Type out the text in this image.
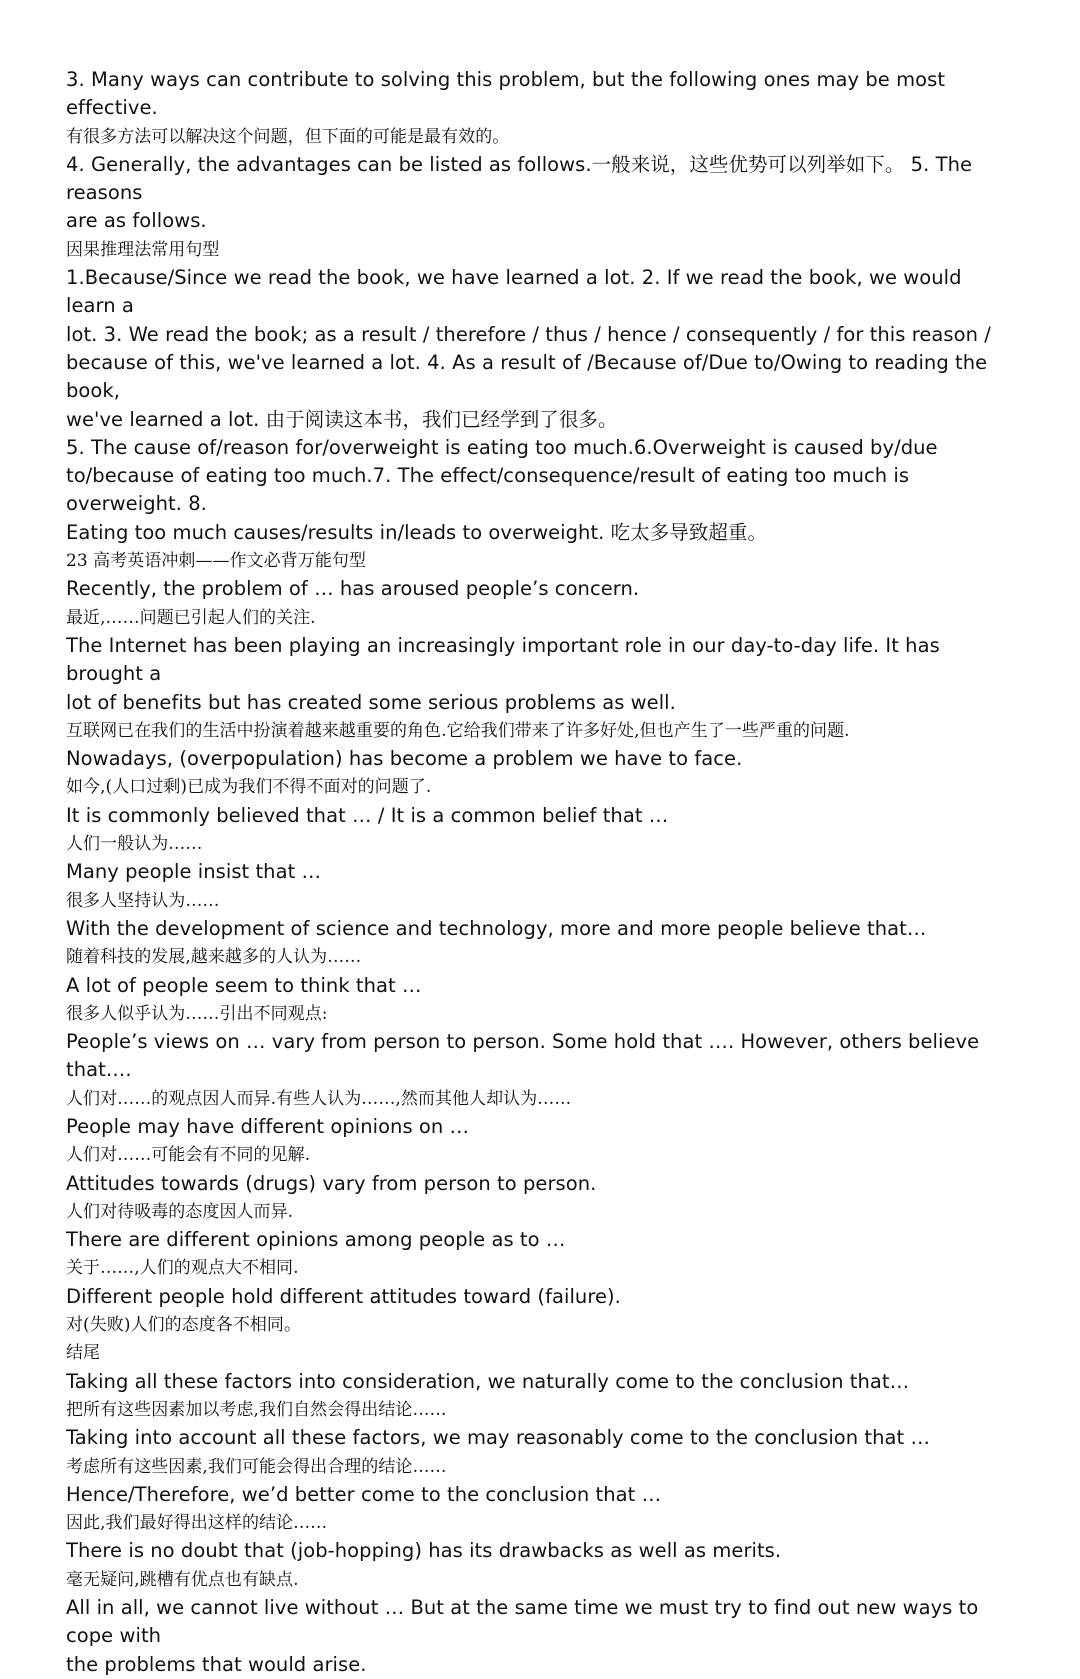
3. Many ways can contribute to solving this problem, but the following ones may be most effective.

有很多方法可以解决这个问题，但下面的可能是最有效的。

4. Generally, the advantages can be listed as follows.一般来说，这些优势可以列举如下。 5. The reasons

are as follows.

因果推理法常用句型

1.Because/Since we read the book, we have learned a lot. 2. If we read the book, we would learn a

lot. 3. We read the book; as a result / therefore / thus / hence / consequently / for this reason /

because of this, we've learned a lot. 4. As a result of /Because of/Due to/Owing to reading the book,

we've learned a lot. 由于阅读这本书，我们已经学到了很多。

5. The cause of/reason for/overweight is eating too much.6.Overweight is caused by/due

to/because of eating too much.7. The effect/consequence/result of eating too much is overweight. 8.

Eating too much causes/results in/leads to overweight. 吃太多导致超重。

23 高考英语冲刺——作文必背万能句型

Recently, the problem of … has aroused people’s concern.

最近,……问题已引起人们的关注.

The Internet has been playing an increasingly important role in our day-to-day life. It has brought a

lot of benefits but has created some serious problems as well.

互联网已在我们的生活中扮演着越来越重要的角色.它给我们带来了许多好处,但也产生了一些严重的问题.

Nowadays, (overpopulation) has become a problem we have to face.

如今,(人口过剩)已成为我们不得不面对的问题了.

It is commonly believed that … / It is a common belief that …

人们一般认为……

Many people insist that …

很多人坚持认为……

With the development of science and technology, more and more people believe that…

随着科技的发展,越来越多的人认为……

A lot of people seem to think that …

很多人似乎认为……引出不同观点:

People’s views on … vary from person to person. Some hold that …. However, others believe that….

人们对……的观点因人而异.有些人认为……,然而其他人却认为……

People may have different opinions on …

人们对……可能会有不同的见解.

Attitudes towards (drugs) vary from person to person.

人们对待吸毒的态度因人而异.

There are different opinions among people as to …

关于……,人们的观点大不相同.

Different people hold different attitudes toward (failure).

对(失败)人们的态度各不相同。

结尾

Taking all these factors into consideration, we naturally come to the conclusion that…

把所有这些因素加以考虑,我们自然会得出结论……

Taking into account all these factors, we may reasonably come to the conclusion that …

考虑所有这些因素,我们可能会得出合理的结论……

Hence/Therefore, we’d better come to the conclusion that …

因此,我们最好得出这样的结论……

There is no doubt that (job-hopping) has its drawbacks as well as merits.

毫无疑问,跳槽有优点也有缺点.

All in all, we cannot live without … But at the same time we must try to find out new ways to cope with

the problems that would arise.
